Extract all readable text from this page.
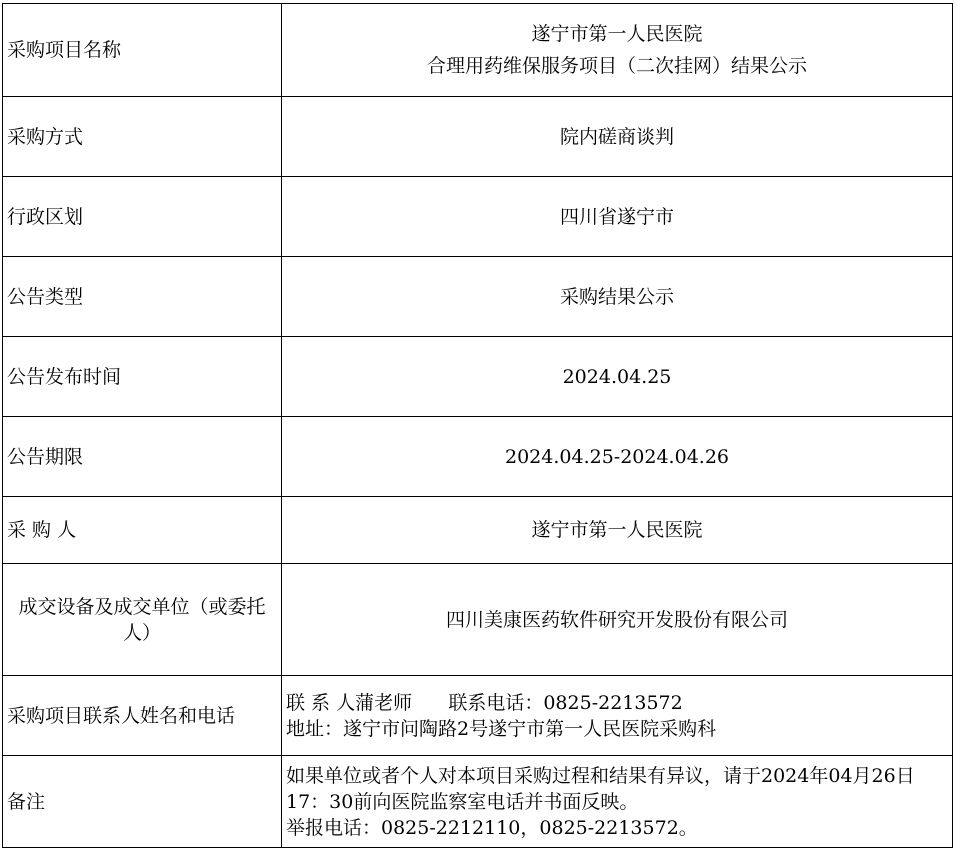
采购项目名称	遂宁市第一人民医院
合理用药维保服务项目（二次挂网）结果公示

采购方式	院内磋商谈判
行政区划	四川省遂宁市
公告类型	采购结果公示
公告发布时间	2024.04.25
公告期限	2024.04.25-2024.04.26
采 购 人	遂宁市第一人民医院
成交设备及成交单位（或委托人）	四川美康医药软件研究开发股份有限公司
采购项目联系人姓名和电话	联 系 人蒲老师 联系电话：0825-2213572
地址：遂宁市问陶路2号遂宁市第一人民医院采购科

备注	如果单位或者个人对本项目采购过程和结果有异议，请于2024年04月26日17：30前向医院监察室电话并书面反映。
举报电话：0825-2212110，0825-2213572。
